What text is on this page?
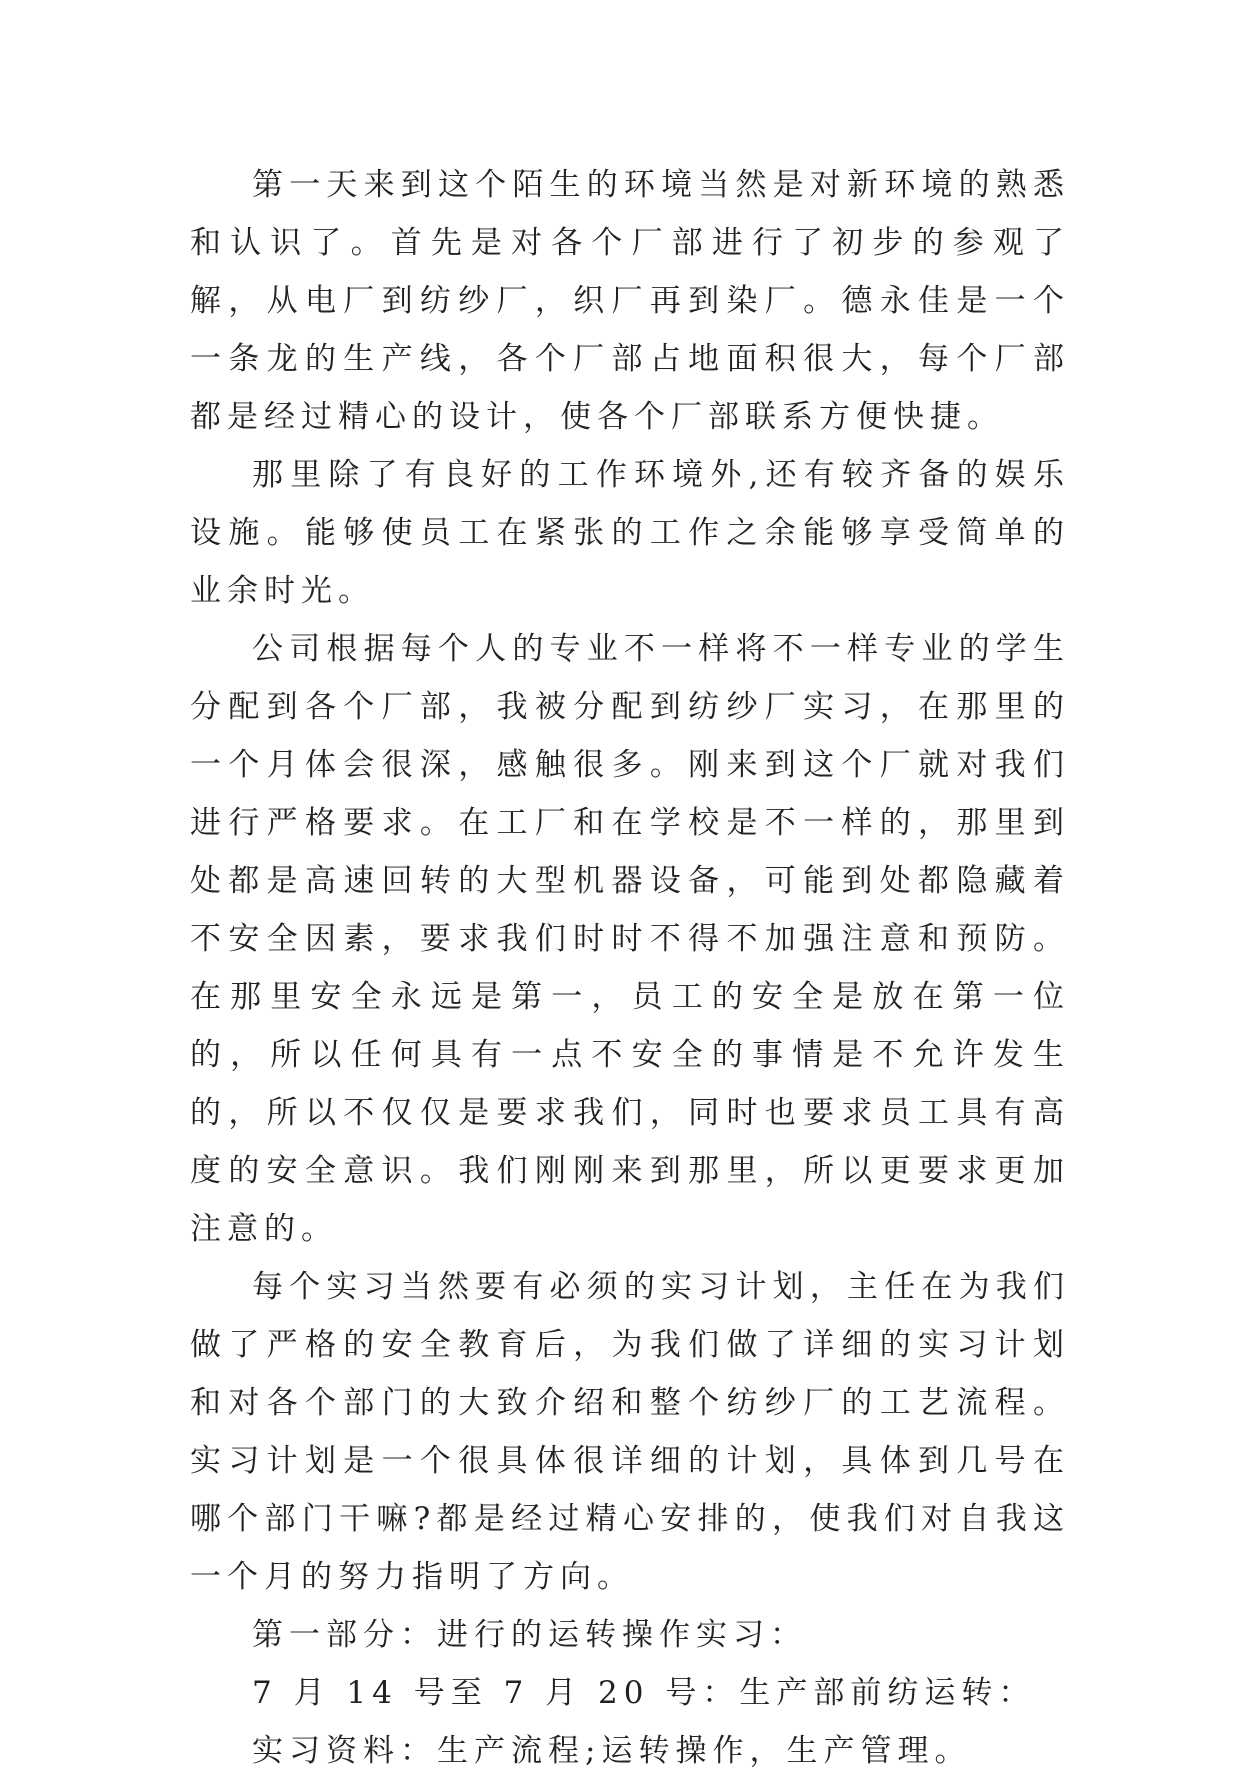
第一天来到这个陌生的环境当然是对新环境的熟悉和认识了。首先是对各个厂部进行了初步的参观了解，从电厂到纺纱厂，织厂再到染厂。德永佳是一个一条龙的生产线，各个厂部占地面积很大，每个厂部都是经过精心的设计，使各个厂部联系方便快捷。

那里除了有良好的工作环境外,还有较齐备的娱乐设施。能够使员工在紧张的工作之余能够享受简单的业余时光。

公司根据每个人的专业不一样将不一样专业的学生分配到各个厂部，我被分配到纺纱厂实习，在那里的一个月体会很深，感触很多。刚来到这个厂就对我们进行严格要求。在工厂和在学校是不一样的，那里到处都是高速回转的大型机器设备，可能到处都隐藏着不安全因素，要求我们时时不得不加强注意和预防。在那里安全永远是第一，员工的安全是放在第一位的，所以任何具有一点不安全的事情是不允许发生的，所以不仅仅是要求我们，同时也要求员工具有高度的安全意识。我们刚刚来到那里，所以更要求更加注意的。

每个实习当然要有必须的实习计划，主任在为我们做了严格的安全教育后，为我们做了详细的实习计划和对各个部门的大致介绍和整个纺纱厂的工艺流程。实习计划是一个很具体很详细的计划，具体到几号在哪个部门干嘛?都是经过精心安排的，使我们对自我这一个月的努力指明了方向。

第一部分：进行的运转操作实习：

7 月 14 号至 7 月 20 号：生产部前纺运转：

实习资料：生产流程;运转操作，生产管理。
